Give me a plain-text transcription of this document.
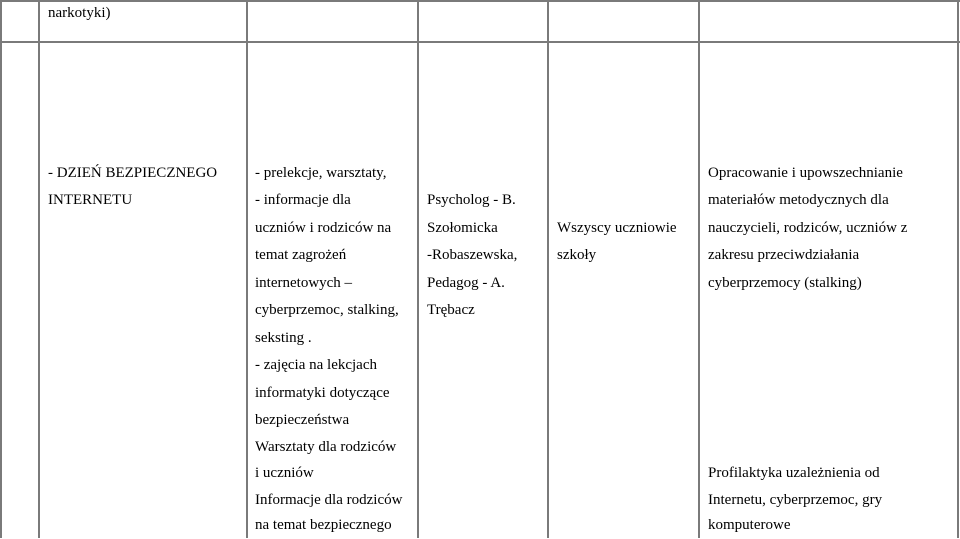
narkotyki)
- DZIEŃ BEZPIECZNEGO
INTERNETU
- prelekcje, warsztaty,
- informacje dla
uczniów i rodziców na
temat zagrożeń
internetowych –
cyberprzemoc, stalking,
seksting .
- zajęcia na lekcjach
informatyki dotyczące
bezpieczeństwa
Warsztaty dla rodziców
i uczniów
Informacje dla rodziców
na temat bezpiecznego
Psycholog - B.
Szołomicka
-Robaszewska,
Pedagog - A.
Trębacz
Wszyscy uczniowie
szkoły
Opracowanie i upowszechnianie
materiałów metodycznych dla
nauczycieli, rodziców, uczniów z
zakresu przeciwdziałania
cyberprzemocy (stalking)
Profilaktyka uzależnienia od
Internetu, cyberprzemoc, gry
komputerowe
